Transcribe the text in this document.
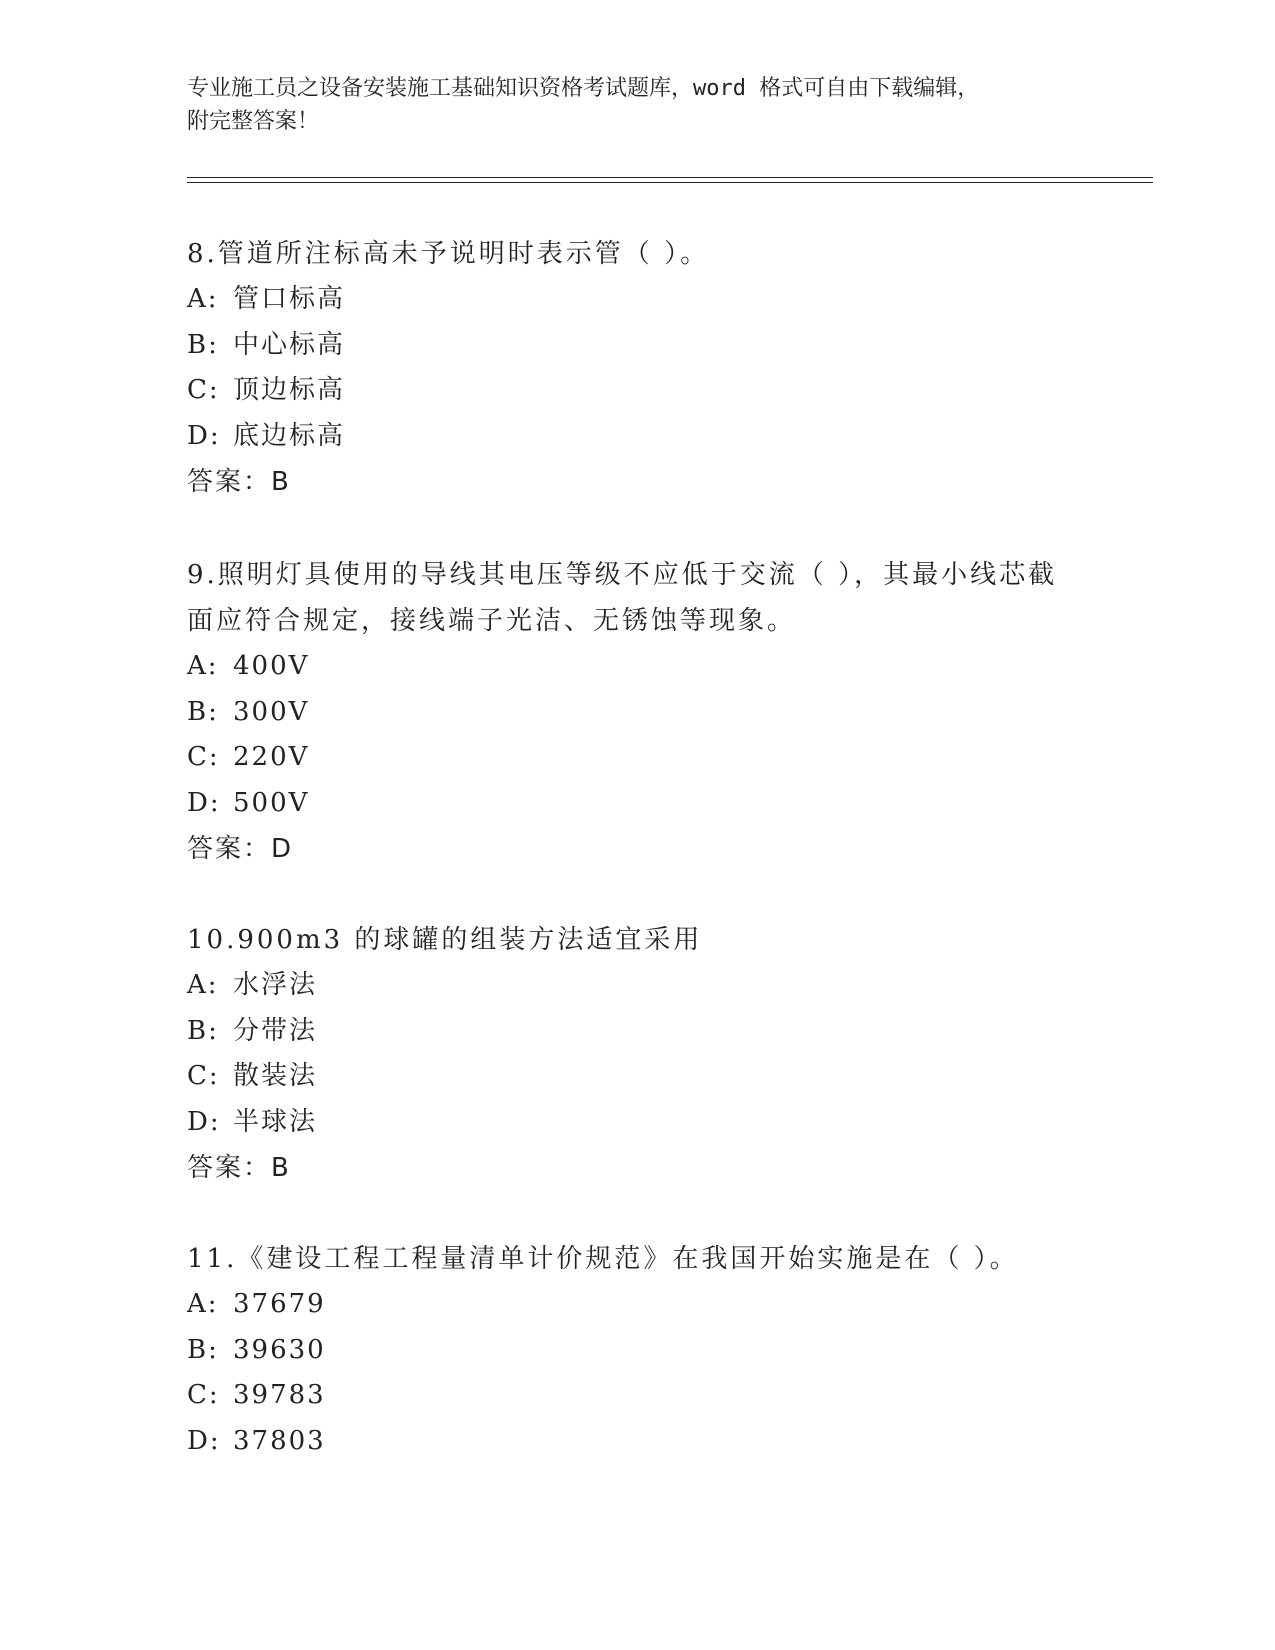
专业施工员之设备安装施工基础知识资格考试题库，word 格式可自由下载编辑，
附完整答案！

8.管道所注标高未予说明时表示管（ ）。

A: 管口标高

B: 中心标高

C: 顶边标高

D: 底边标高

答案：B

9.照明灯具使用的导线其电压等级不应低于交流（ ），其最小线芯截

面应符合规定，接线端子光洁、无锈蚀等现象。

A: 400V

B: 300V

C: 220V

D: 500V

答案：D

10.900m3 的球罐的组装方法适宜采用

A: 水浮法

B: 分带法

C: 散装法

D: 半球法

答案：B

11.《建设工程工程量清单计价规范》在我国开始实施是在（ ）。

A: 37679

B: 39630

C: 39783

D: 37803
